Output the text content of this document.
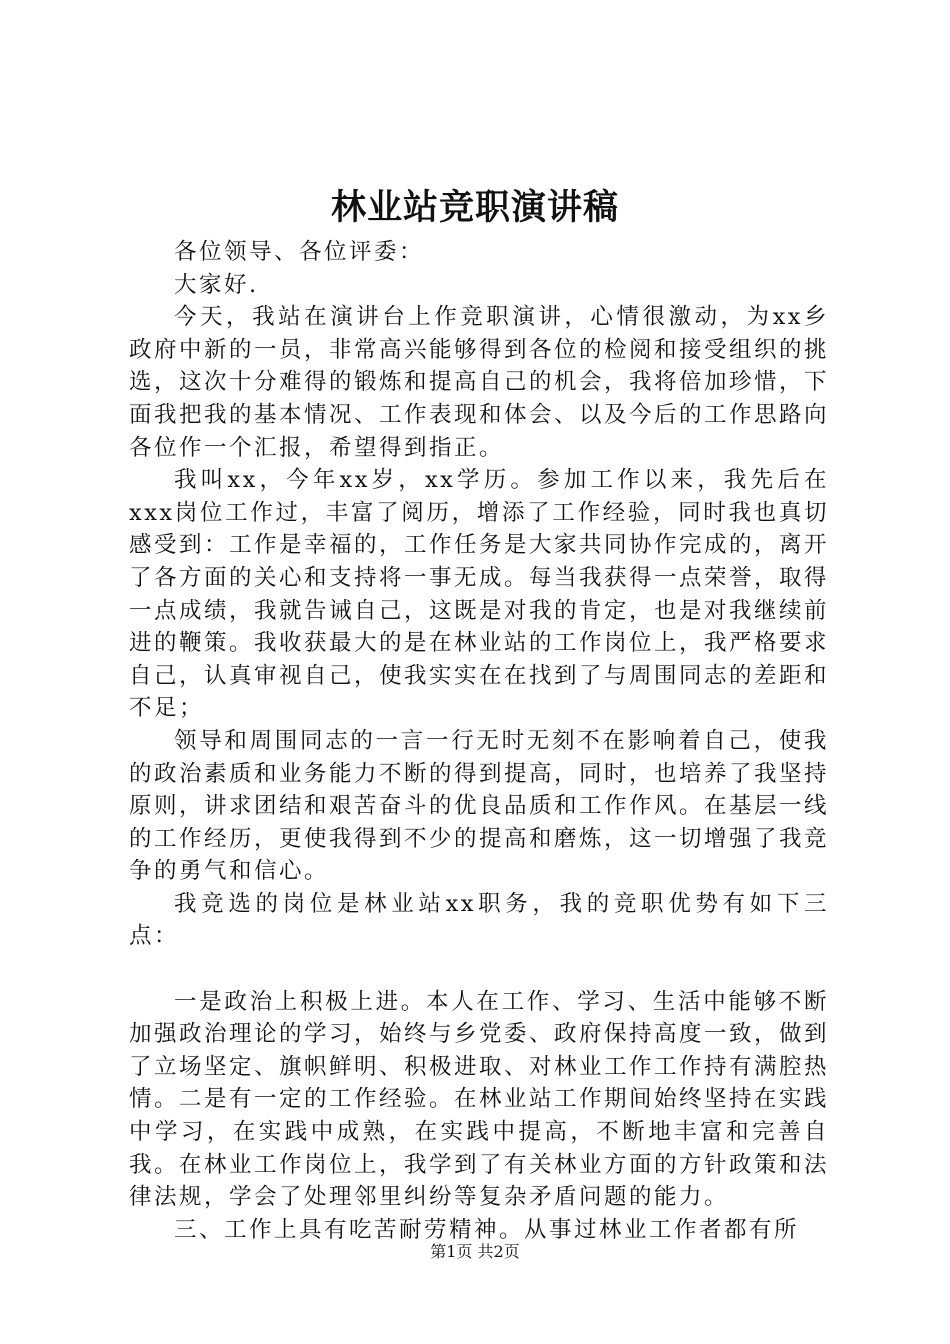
林业站竞职演讲稿

各位领导、各位评委：

大家好.

今天，我站在演讲台上作竞职演讲，心情很激动，为xx乡政府中新的一员，非常高兴能够得到各位的检阅和接受组织的挑选，这次十分难得的锻炼和提高自己的机会，我将倍加珍惜，下面我把我的基本情况、工作表现和体会、以及今后的工作思路向各位作一个汇报，希望得到指正。

我叫xx，今年xx岁，xx学历。参加工作以来，我先后在xxx岗位工作过，丰富了阅历，增添了工作经验，同时我也真切感受到：工作是幸福的，工作任务是大家共同协作完成的，离开了各方面的关心和支持将一事无成。每当我获得一点荣誉，取得一点成绩，我就告诫自己，这既是对我的肯定，也是对我继续前进的鞭策。我收获最大的是在林业站的工作岗位上，我严格要求自己，认真审视自己，使我实实在在找到了与周围同志的差距和不足；

领导和周围同志的一言一行无时无刻不在影响着自己，使我的政治素质和业务能力不断的得到提高，同时，也培养了我坚持原则，讲求团结和艰苦奋斗的优良品质和工作作风。在基层一线的工作经历，更使我得到不少的提高和磨炼，这一切增强了我竞争的勇气和信心。

我竞选的岗位是林业站xx职务，我的竞职优势有如下三点：

一是政治上积极上进。本人在工作、学习、生活中能够不断加强政治理论的学习，始终与乡党委、政府保持高度一致，做到了立场坚定、旗帜鲜明、积极进取、对林业工作工作持有满腔热情。二是有一定的工作经验。在林业站工作期间始终坚持在实践中学习，在实践中成熟，在实践中提高，不断地丰富和完善自我。在林业工作岗位上，我学到了有关林业方面的方针政策和法律法规，学会了处理邻里纠纷等复杂矛盾问题的能力。

三、工作上具有吃苦耐劳精神。从事过林业工作者都有所

第1页 共2页
